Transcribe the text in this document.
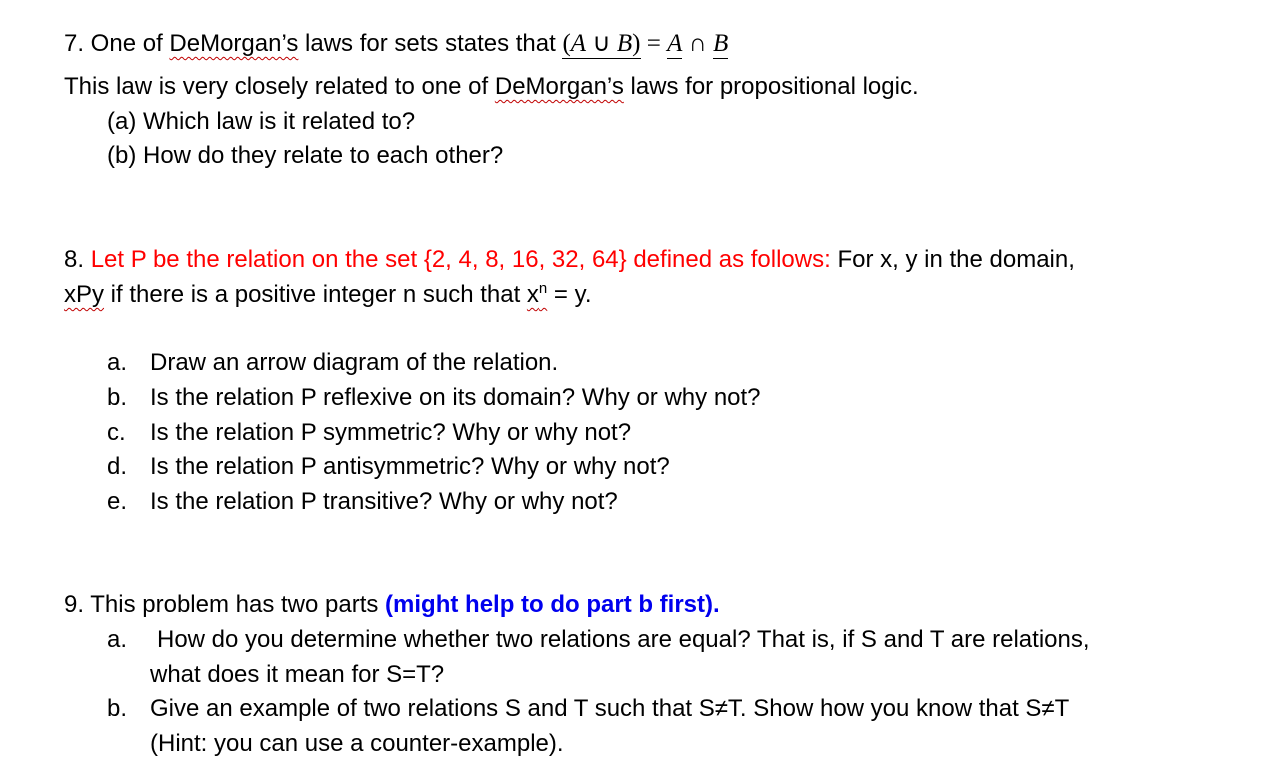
7. One of DeMorgan’s laws for sets states that (A ∪ B) = A ∩ B
This law is very closely related to one of DeMorgan’s laws for propositional logic.
(a) Which law is it related to?
(b) How do they relate to each other?
8. Let P be the relation on the set {2, 4, 8, 16, 32, 64} defined as follows: For x, y in the domain,
xPy if there is a positive integer n such that $x^n = y$.
a. Draw an arrow diagram of the relation.
b. Is the relation P reflexive on its domain? Why or why not?
c. Is the relation P symmetric? Why or why not?
d. Is the relation P antisymmetric? Why or why not?
e. Is the relation P transitive? Why or why not?
9. This problem has two parts (might help to do part b first).
a. How do you determine whether two relations are equal? That is, if S and T are relations,
what does it mean for S=T?
b. Give an example of two relations S and T such that S≠T. Show how you know that S≠T
(Hint: you can use a counter-example).
